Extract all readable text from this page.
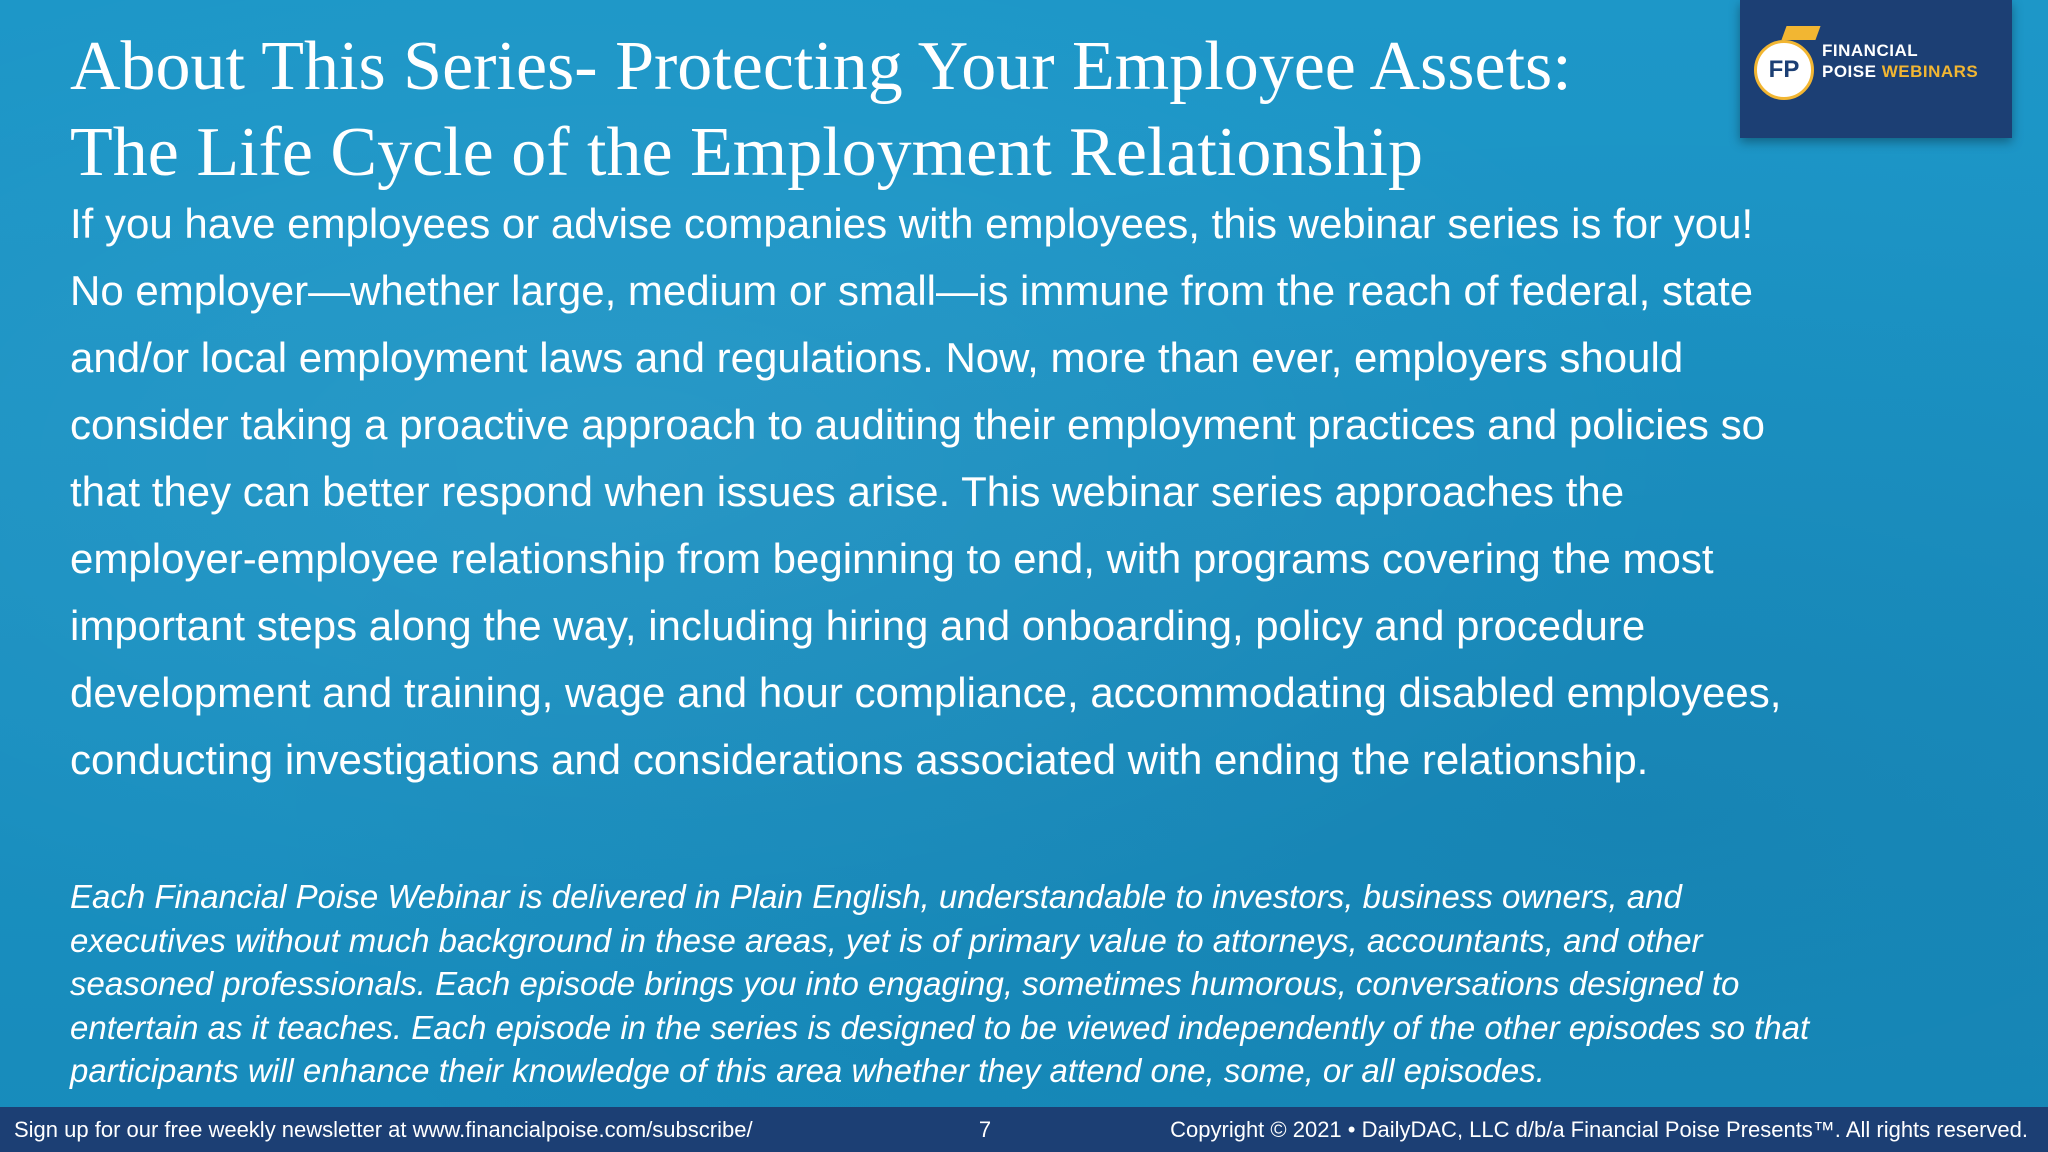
About This Series- Protecting Your Employee Assets:
The Life Cycle of the Employment Relationship
FP
FINANCIAL
POISE WEBINARS
If you have employees or advise companies with employees, this webinar series is for you!
No employer—whether large, medium or small—is immune from the reach of federal, state
and/or local employment laws and regulations. Now, more than ever, employers should
consider taking a proactive approach to auditing their employment practices and policies so
that they can better respond when issues arise. This webinar series approaches the
employer-employee relationship from beginning to end, with programs covering the most
important steps along the way, including hiring and onboarding, policy and procedure
development and training, wage and hour compliance, accommodating disabled employees,
conducting investigations and considerations associated with ending the relationship.
Each Financial Poise Webinar is delivered in Plain English, understandable to investors, business owners, and
executives without much background in these areas, yet is of primary value to attorneys, accountants, and other
seasoned professionals. Each episode brings you into engaging, sometimes humorous, conversations designed to
entertain as it teaches. Each episode in the series is designed to be viewed independently of the other episodes so that
participants will enhance their knowledge of this area whether they attend one, some, or all episodes.
Sign up for our free weekly newsletter at www.financialpoise.com/subscribe/	7	Copyright © 2021 • DailyDAC, LLC d/b/a Financial Poise Presents™. All rights reserved.
